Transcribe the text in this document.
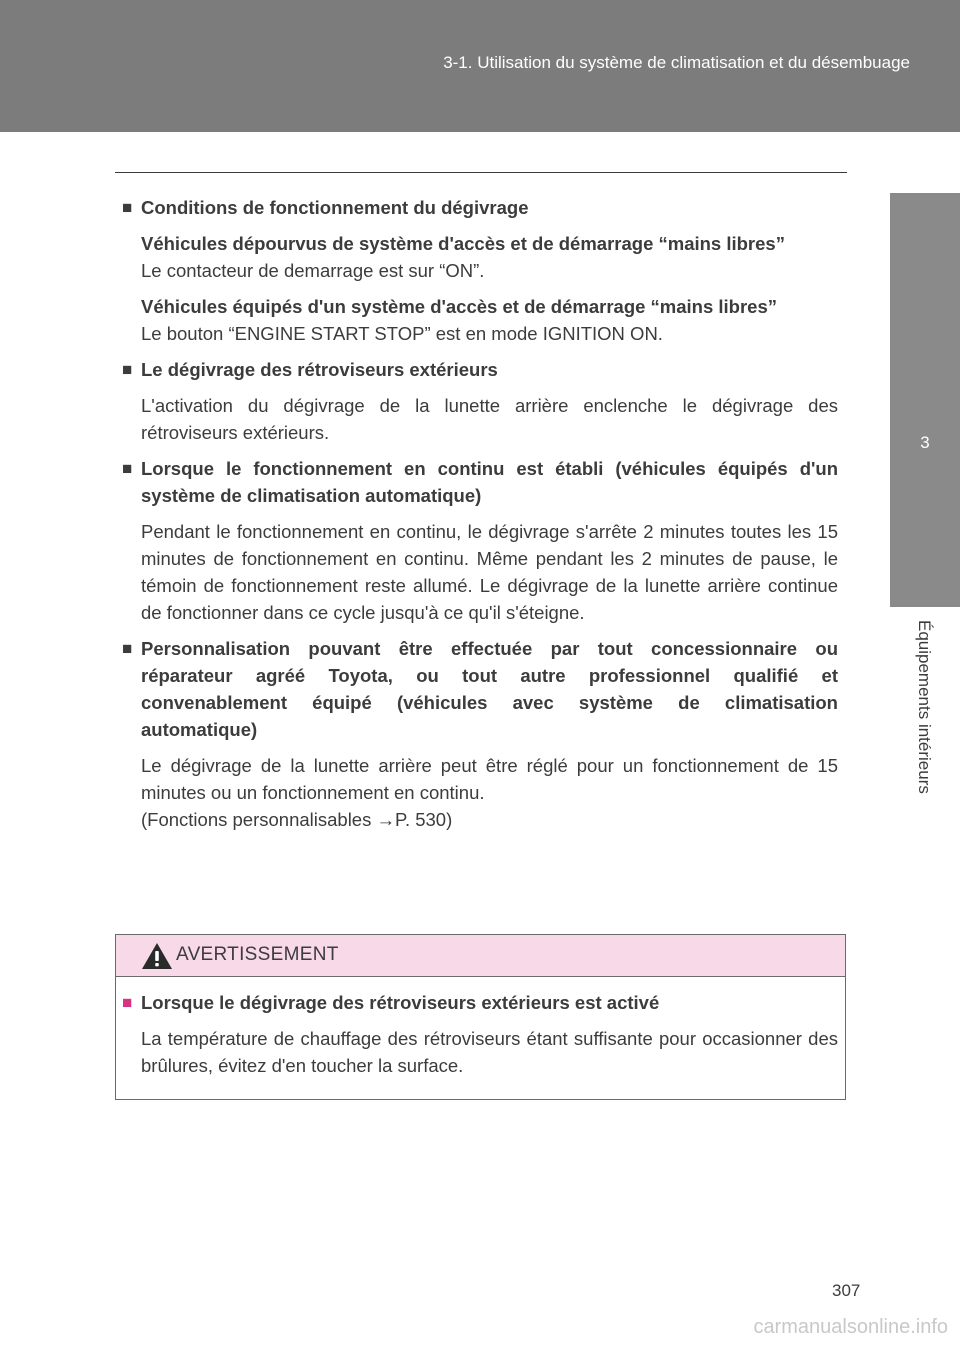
3-1. Utilisation du système de climatisation et du désembuage
3
Équipements intérieurs
■ Conditions de fonctionnement du dégivrage
Véhicules dépourvus de système d'accès et de démarrage “mains libres”
Le contacteur de demarrage est sur “ON”.
Véhicules équipés d'un système d'accès et de démarrage “mains libres”
Le bouton “ENGINE START STOP” est en mode IGNITION ON.
■ Le dégivrage des rétroviseurs extérieurs
L'activation du dégivrage de la lunette arrière enclenche le dégivrage des rétroviseurs extérieurs.
■ Lorsque le fonctionnement en continu est établi (véhicules équipés d'un système de climatisation automatique)
Pendant le fonctionnement en continu, le dégivrage s'arrête 2 minutes toutes les 15 minutes de fonctionnement en continu. Même pendant les 2 minutes de pause, le témoin de fonctionnement reste allumé. Le dégivrage de la lunette arrière continue de fonctionner dans ce cycle jusqu'à ce qu'il s'éteigne.
■ Personnalisation pouvant être effectuée par tout concessionnaire ou réparateur agréé Toyota, ou tout autre professionnel qualifié et convenablement équipé (véhicules avec système de climatisation automatique)
Le dégivrage de la lunette arrière peut être réglé pour un fonctionnement de 15 minutes ou un fonctionnement en continu.
(Fonctions personnalisables →P. 530)
AVERTISSEMENT
■ Lorsque le dégivrage des rétroviseurs extérieurs est activé
La température de chauffage des rétroviseurs étant suffisante pour occasionner des brûlures, évitez d'en toucher la surface.
307
carmanualsonline.info
